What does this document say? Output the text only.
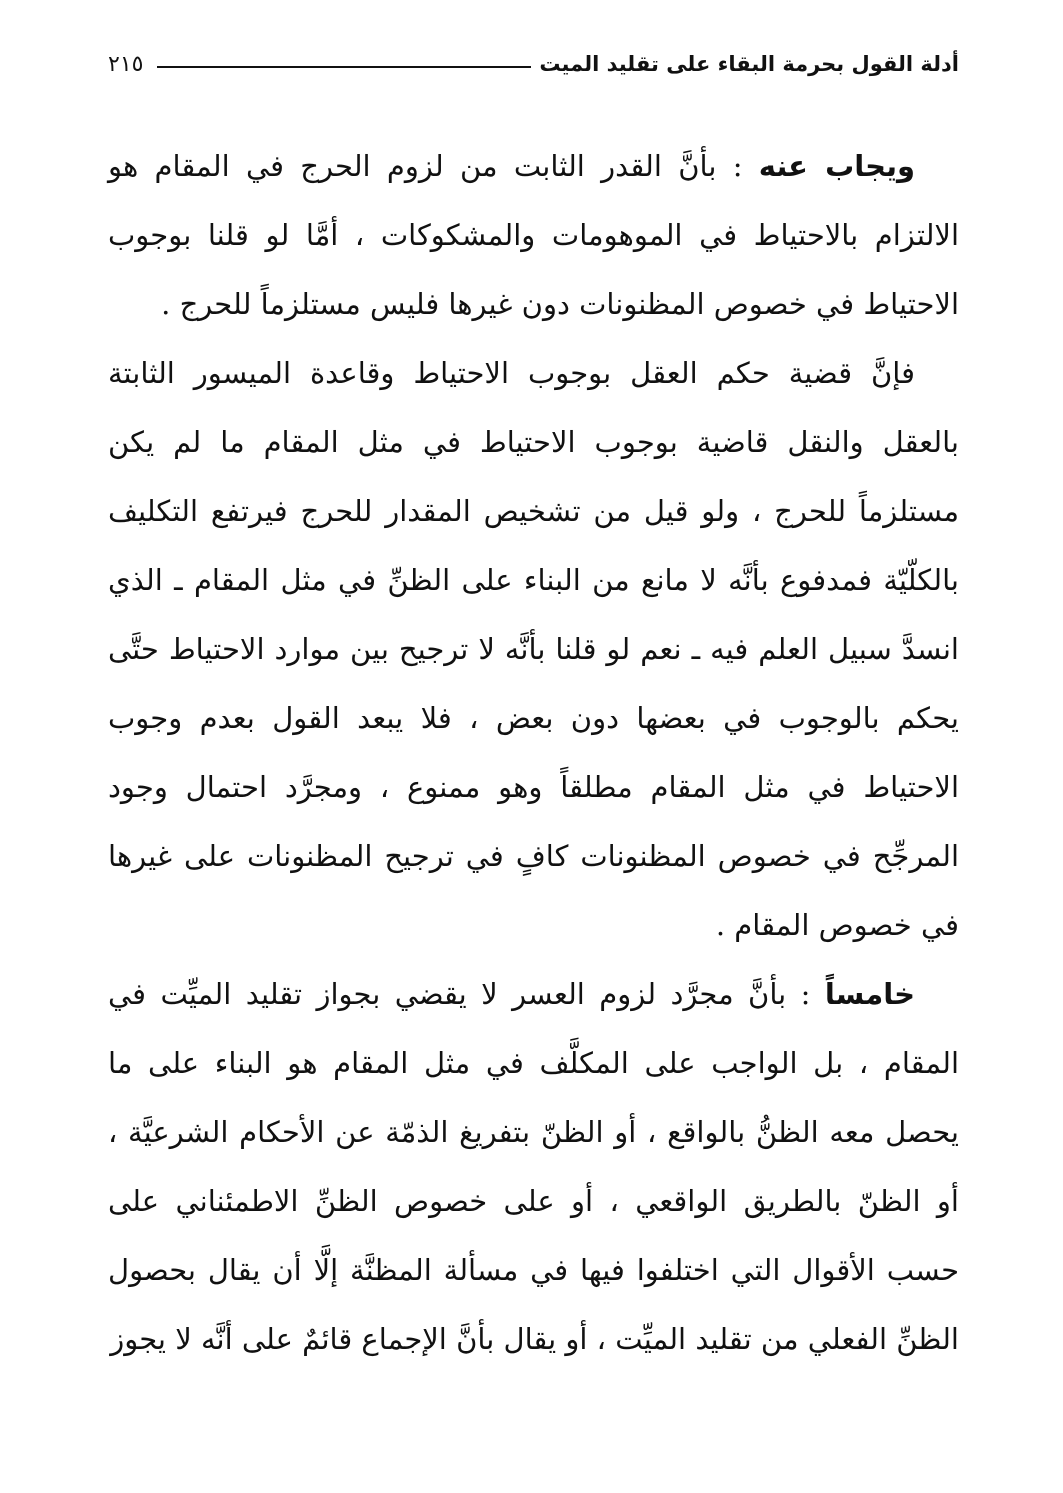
أدلة القول بحرمة البقاء على تقليد الميت
٢١٥

ويجاب عنه : بأنَّ القدر الثابت من لزوم الحرج في المقام هو الالتزام بالاحتياط في الموهومات والمشكوكات ، أمَّا لو قلنا بوجوب الاحتياط في خصوص المظنونات دون غيرها فليس مستلزماً للحرج .

فإنَّ قضية حكم العقل بوجوب الاحتياط وقاعدة الميسور الثابتة بالعقل والنقل قاضية بوجوب الاحتياط في مثل المقام ما لم يكن مستلزماً للحرج ، ولو قيل من تشخيص المقدار للحرج فيرتفع التكليف بالكلّيّة فمدفوع بأنَّه لا مانع من البناء على الظنِّ في مثل المقام ـ الذي انسدَّ سبيل العلم فيه ـ نعم لو قلنا بأنَّه لا ترجيح بين موارد الاحتياط حتَّى يحكم بالوجوب في بعضها دون بعض ، فلا يبعد القول بعدم وجوب الاحتياط في مثل المقام مطلقاً وهو ممنوع ، ومجرَّد احتمال وجود المرجِّح في خصوص المظنونات كافٍ في ترجيح المظنونات على غيرها في خصوص المقام .

خامساً : بأنَّ مجرَّد لزوم العسر لا يقضي بجواز تقليد الميِّت في المقام ، بل الواجب على المكلَّف في مثل المقام هو البناء على ما يحصل معه الظنُّ بالواقع ، أو الظنّ بتفريغ الذمّة عن الأحكام الشرعيَّة ، أو الظنّ بالطريق الواقعي ، أو على خصوص الظنِّ الاطمئناني على حسب الأقوال التي اختلفوا فيها في مسألة المظنَّة إلَّا أن يقال بحصول الظنِّ الفعلي من تقليد الميِّت ، أو يقال بأنَّ الإجماع قائمٌ على أنَّه لا يجوز
